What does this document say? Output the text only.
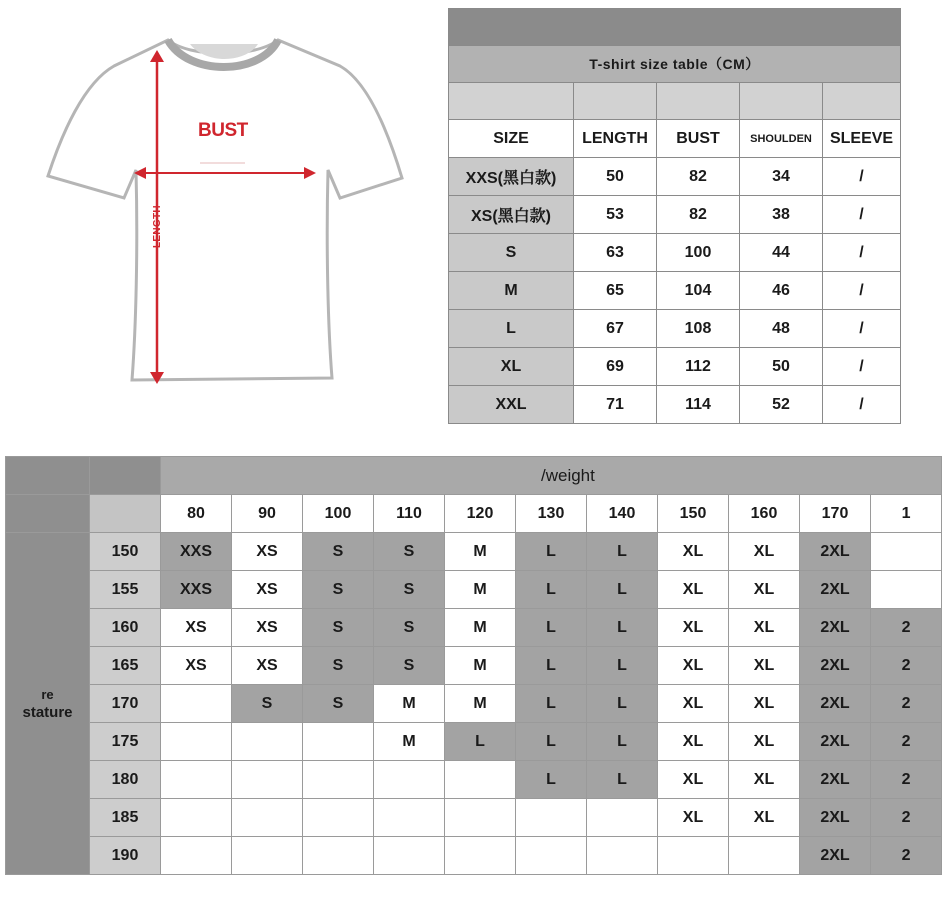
BUST
LENGTH

T-shirt size table（CM）				

SIZE	LENGTH	BUST	SHOULDEN	SLEEVE
XXS(黑白款)	50	82	34	/
XS(黑白款)	53	82	38	/
S	63	100	44	/
M	65	104	46	/
L	67	108	48	/
XL	69	112	50	/
XXL	71	114	52	/
		/weight										
		80	90	100	110	120	130	140	150	160	170	1

re
stature	150	XXS	XS	S	S	M	L	L	XL	XL	2XL	
	155	XXS	XS	S	S	M	L	L	XL	XL	2XL	
	160	XS	XS	S	S	M	L	L	XL	XL	2XL	2
	165	XS	XS	S	S	M	L	L	XL	XL	2XL	2
	170		S	S	M	M	L	L	XL	XL	2XL	2
	175				M	L	L	L	XL	XL	2XL	2
	180						L	L	XL	XL	2XL	2
	185								XL	XL	2XL	2
	190										2XL	2
